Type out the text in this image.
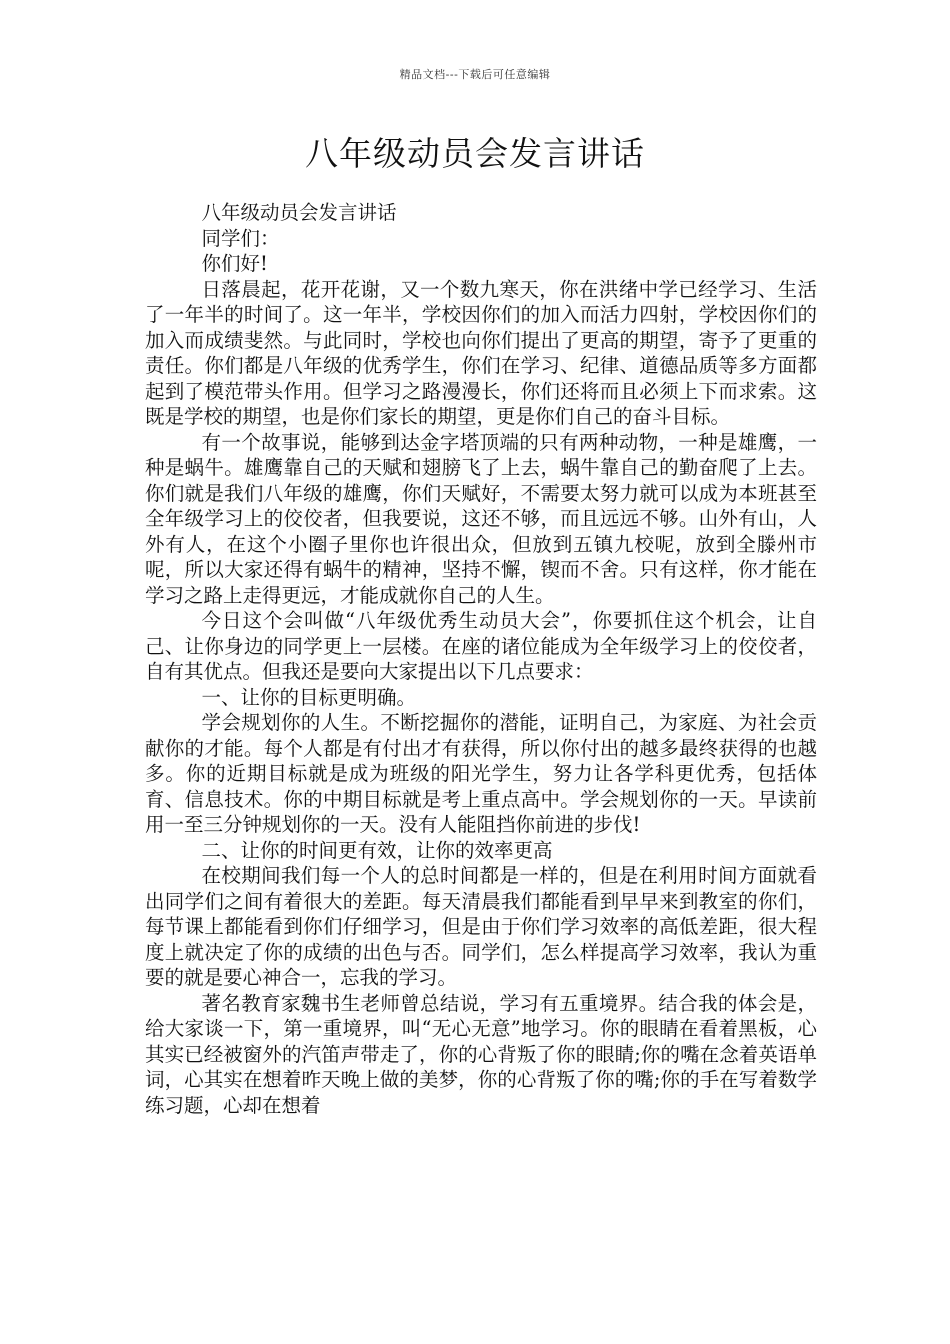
精品文档---下载后可任意编辑
八年级动员会发言讲话

八年级动员会发言讲话

同学们：

你们好!

日落晨起，花开花谢，又一个数九寒天，你在洪绪中学已经学习、生活了一年半的时间了。这一年半，学校因你们的加入而活力四射，学校因你们的加入而成绩斐然。与此同时，学校也向你们提出了更高的期望，寄予了更重的责任。你们都是八年级的优秀学生，你们在学习、纪律、道德品质等多方面都起到了模范带头作用。但学习之路漫漫长，你们还将而且必须上下而求索。这既是学校的期望，也是你们家长的期望，更是你们自己的奋斗目标。

有一个故事说，能够到达金字塔顶端的只有两种动物，一种是雄鹰，一种是蜗牛。雄鹰靠自己的天赋和翅膀飞了上去，蜗牛靠自己的勤奋爬了上去。你们就是我们八年级的雄鹰，你们天赋好，不需要太努力就可以成为本班甚至全年级学习上的佼佼者，但我要说，这还不够，而且远远不够。山外有山，人外有人，在这个小圈子里你也许很出众，但放到五镇九校呢，放到全滕州市呢，所以大家还得有蜗牛的精神，坚持不懈，锲而不舍。只有这样，你才能在学习之路上走得更远，才能成就你自己的人生。

今日这个会叫做“八年级优秀生动员大会”，你要抓住这个机会，让自己、让你身边的同学更上一层楼。在座的诸位能成为全年级学习上的佼佼者，自有其优点。但我还是要向大家提出以下几点要求：

一、让你的目标更明确。

学会规划你的人生。不断挖掘你的潜能，证明自己，为家庭、为社会贡献你的才能。每个人都是有付出才有获得，所以你付出的越多最终获得的也越多。你的近期目标就是成为班级的阳光学生，努力让各学科更优秀，包括体育、信息技术。你的中期目标就是考上重点高中。学会规划你的一天。早读前用一至三分钟规划你的一天。没有人能阻挡你前进的步伐!

二、让你的时间更有效，让你的效率更高

在校期间我们每一个人的总时间都是一样的，但是在利用时间方面就看出同学们之间有着很大的差距。每天清晨我们都能看到早早来到教室的你们，每节课上都能看到你们仔细学习，但是由于你们学习效率的高低差距，很大程度上就决定了你的成绩的出色与否。同学们，怎么样提高学习效率，我认为重要的就是要心神合一，忘我的学习。

著名教育家魏书生老师曾总结说，学习有五重境界。结合我的体会是，给大家谈一下，第一重境界，叫“无心无意”地学习。你的眼睛在看着黑板，心其实已经被窗外的汽笛声带走了，你的心背叛了你的眼睛;你的嘴在念着英语单词，心其实在想着昨天晚上做的美梦，你的心背叛了你的嘴;你的手在写着数学练习题，心却在想着
